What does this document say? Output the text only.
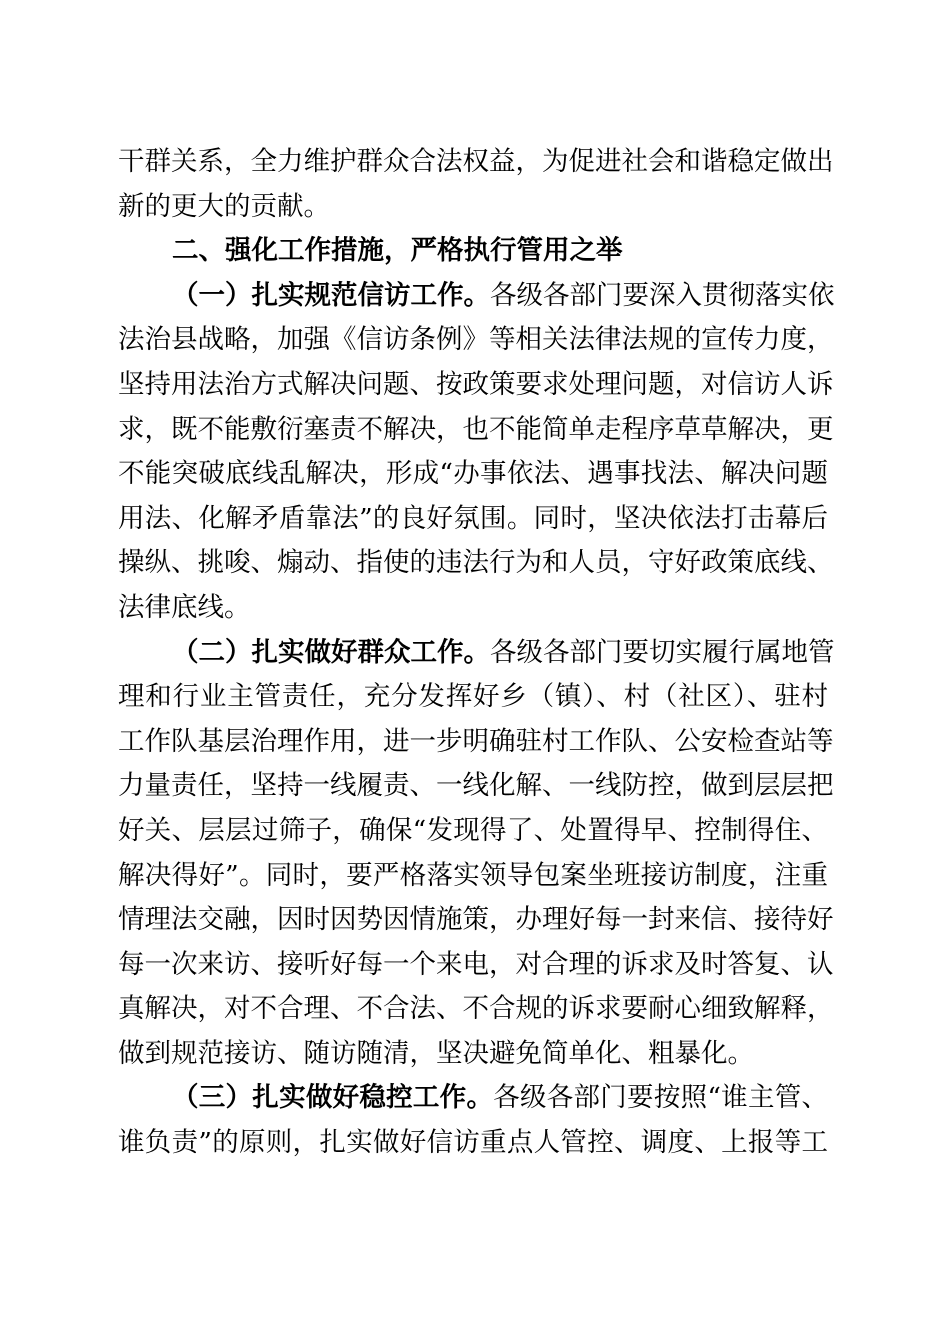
干群关系，全力维护群众合法权益，为促进社会和谐稳定做出
新的更大的贡献。
二、强化工作措施，严格执行管用之举
（一）扎实规范信访工作。各级各部门要深入贯彻落实依
法治县战略，加强《信访条例》等相关法律法规的宣传力度，
坚持用法治方式解决问题、按政策要求处理问题，对信访人诉
求，既不能敷衍塞责不解决，也不能简单走程序草草解决，更
不能突破底线乱解决，形成“办事依法、遇事找法、解决问题
用法、化解矛盾靠法”的良好氛围。同时，坚决依法打击幕后
操纵、挑唆、煽动、指使的违法行为和人员，守好政策底线、
法律底线。
（二）扎实做好群众工作。各级各部门要切实履行属地管
理和行业主管责任，充分发挥好乡（镇）、村（社区）、驻村
工作队基层治理作用，进一步明确驻村工作队、公安检查站等
力量责任，坚持一线履责、一线化解、一线防控，做到层层把
好关、层层过筛子，确保“发现得了、处置得早、控制得住、
解决得好”。同时，要严格落实领导包案坐班接访制度，注重
情理法交融，因时因势因情施策，办理好每一封来信、接待好
每一次来访、接听好每一个来电，对合理的诉求及时答复、认
真解决，对不合理、不合法、不合规的诉求要耐心细致解释，
做到规范接访、随访随清，坚决避免简单化、粗暴化。
（三）扎实做好稳控工作。各级各部门要按照“谁主管、
谁负责”的原则，扎实做好信访重点人管控、调度、上报等工
